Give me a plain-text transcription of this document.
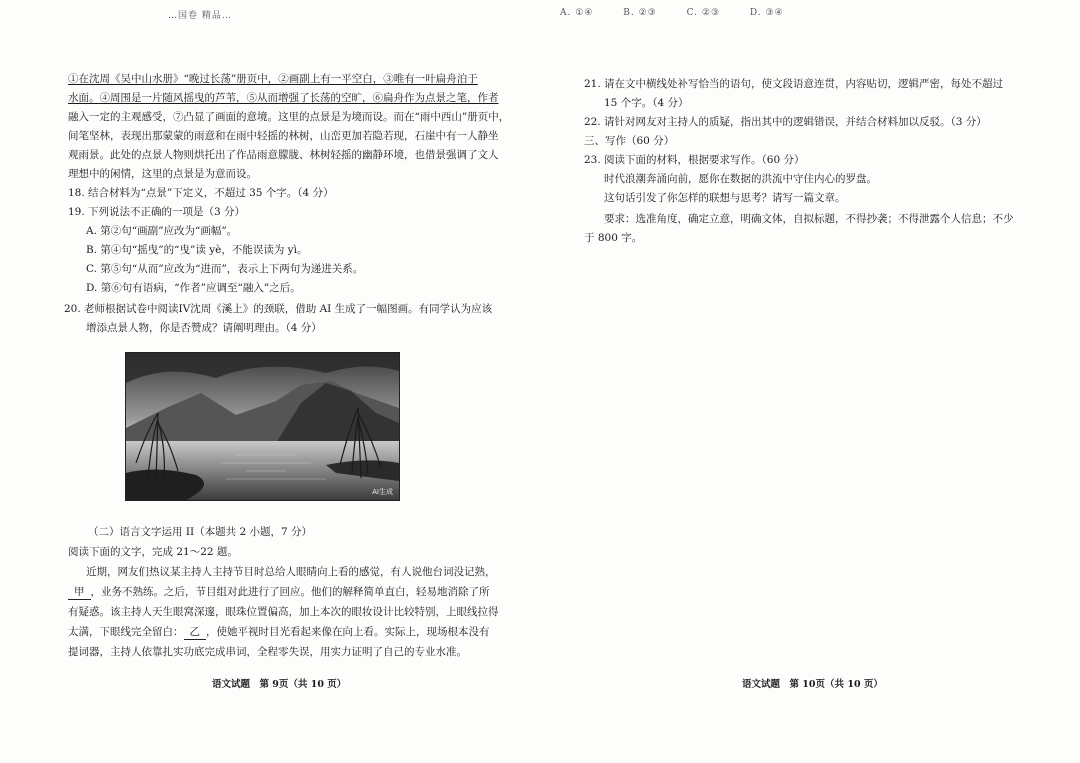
…国卷 精品…
①在沈周《吴中山水册》“晚过长荡”册页中，②画副上有一平空白，③唯有一叶扁舟泊于
水面。④周围是一片随风摇曳的芦苇，⑤从而增强了长荡的空旷，⑥扁舟作为点景之笔，作者
融入一定的主观感受，⑦凸显了画面的意境。这里的点景是为境而设。而在“雨中西山”册页中，
间笔坚林，表现出那蒙蒙的雨意和在雨中轻摇的林树，山峦更加若隐若现，石崖中有一人静坐
观雨景。此处的点景人物则烘托出了作品雨意朦胧、林树轻摇的幽静环境，也借景强调了文人
理想中的闲情，这里的点景是为意而设。
18. 结合材料为“点景”下定义，不超过 35 个字。（4 分）
19. 下列说法不正确的一项是（3 分）
A. 第②句“画副”应改为“画幅”。
B. 第④句“摇曳”的“曳”读 yè，不能误读为 yì。
C. 第⑤句“从而”应改为“进而”，表示上下两句为递进关系。
D. 第⑥句有语病，“作者”应调至“融入”之后。
20. 老师根据试卷中阅读IV沈周《溪上》的颈联，借助 AI 生成了一幅图画。有同学认为应该
增添点景人物，你是否赞成？请阐明理由。（4 分）
AI生成
（二）语言文字运用 II（本题共 2 小题，7 分）
阅读下面的文字，完成 21～22 题。
近期，网友们热议某主持人主持节目时总给人眼睛向上看的感觉，有人说他台词没记熟，
甲 ，业务不熟练。之后，节目组对此进行了回应。他们的解释简单直白，轻易地消除了所
有疑惑。该主持人天生眼窝深邃，眼珠位置偏高，加上本次的眼妆设计比较特别，上眼线拉得
太满，下眼线完全留白： 乙 ，使她平视时目光看起来像在向上看。实际上，现场根本没有
提词器，主持人依靠扎实功底完成串词，全程零失误，用实力证明了自己的专业水准。
语文试题　第 9页（共 10 页）
A. ①④	B. ②③	C. ②③	D. ③④
21. 请在文中横线处补写恰当的语句，使文段语意连贯，内容贴切，逻辑严密，每处不超过
15 个字。（4 分）
22. 请针对网友对主持人的质疑，指出其中的逻辑错误，并结合材料加以反驳。（3 分）
三、写作（60 分）
23. 阅读下面的材料，根据要求写作。（60 分）
时代浪潮奔涌向前，愿你在数据的洪流中守住内心的罗盘。
这句话引发了你怎样的联想与思考？请写一篇文章。
要求：选准角度，确定立意，明确文体，自拟标题，不得抄袭；不得泄露个人信息；不少
于 800 字。
语文试题　第 10页（共 10 页）
